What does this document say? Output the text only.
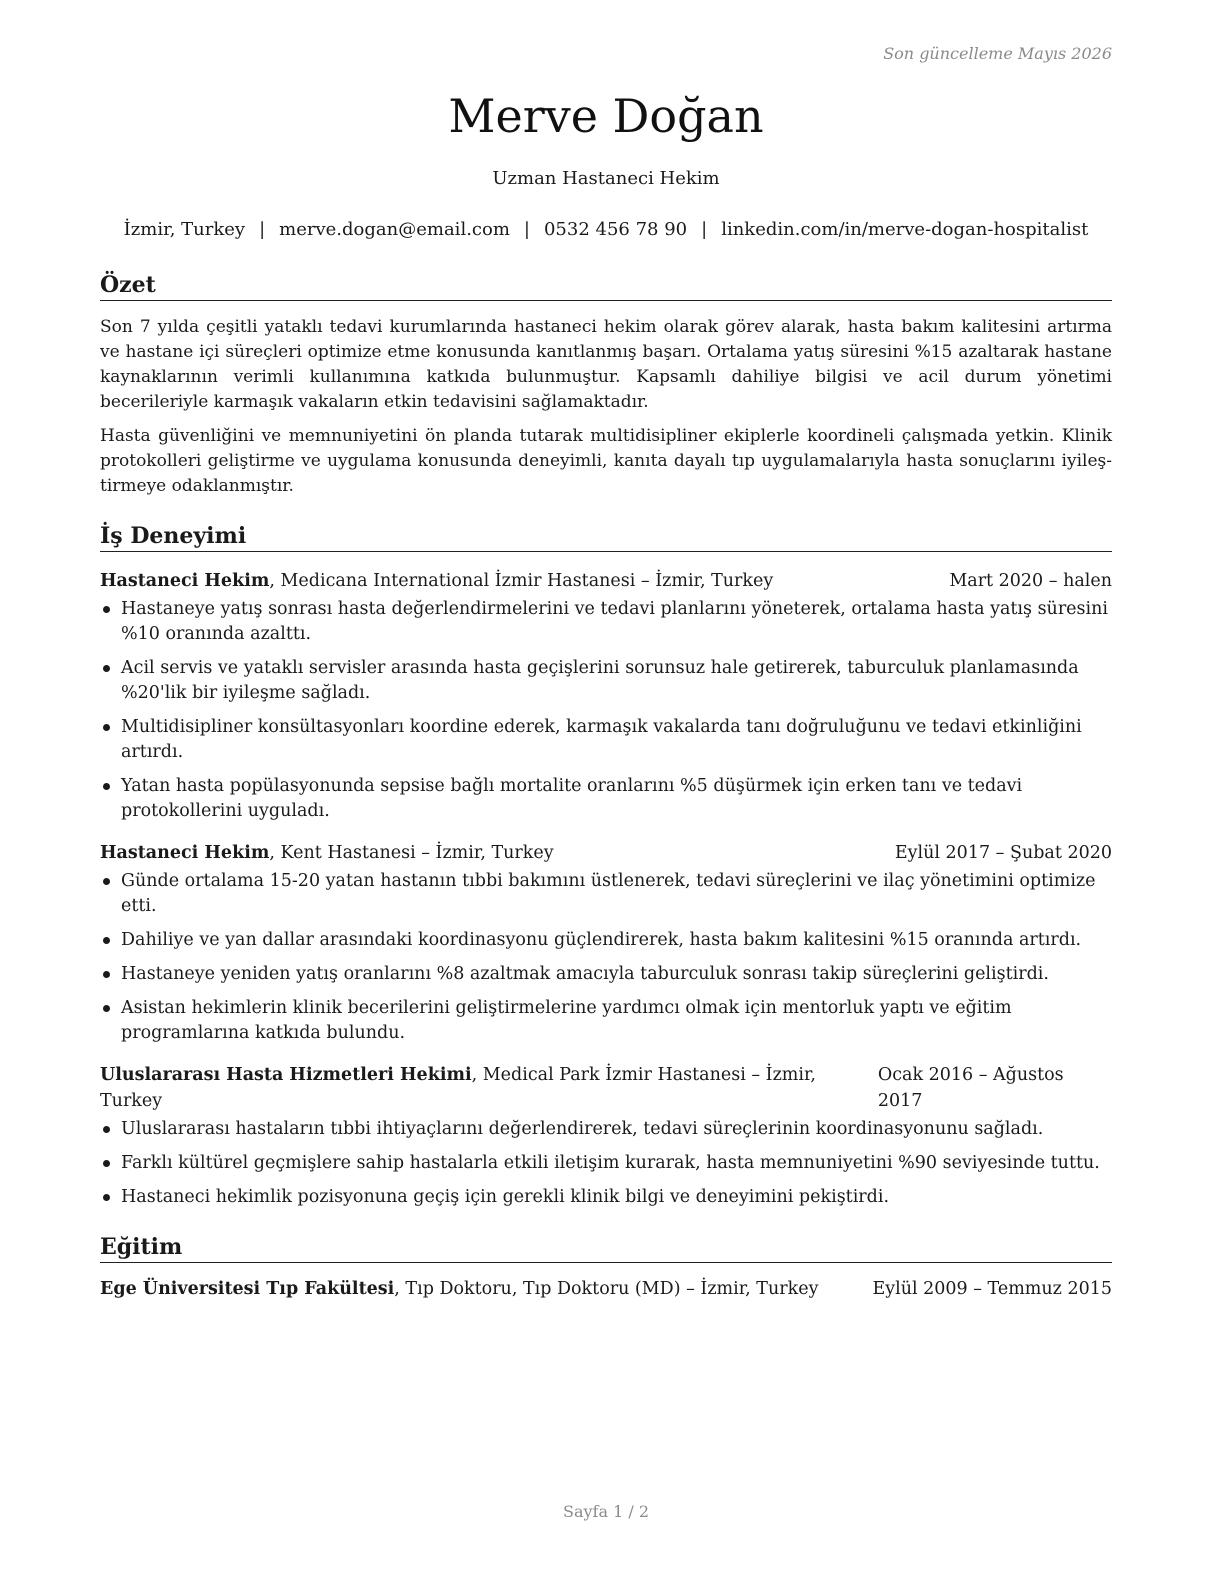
Son güncelleme Mayıs 2026
Merve Doğan
Uzman Hastaneci Hekim
İzmir, Turkey | merve.dogan@email.com | 0532 456 78 90 | linkedin.com/in/merve-dogan-hospitalist
Özet

Son 7 yılda çeşitli yataklı tedavi kurumlarında hastaneci hekim olarak görev alarak, hasta bakım kalitesini artırma ve hastane içi süreçleri optimize etme konusunda kanıtlanmış başarı. Ortalama yatış süresini %15 azaltarak hastane kaynaklarının verimli kullanımına katkıda bulunmuştur. Kapsamlı dahiliye bilgisi ve acil durum yönetimi becerileriyle karmaşık vakaların etkin tedavisini sağlamaktadır.

Hasta güvenliğini ve memnuniyetini ön planda tutarak multidisipliner ekiplerle koordineli çalışmada yetkin. Klinik protokolleri geliştirme ve uygulama konusunda deneyimli, kanıta dayalı tıp uygulamalarıyla hasta sonuçlarını iyileştirmeye odaklanmıştır.

İş Deneyimi
Hastaneci Hekim, Medicana International İzmir Hastanesi – İzmir, Turkey	Mart 2020 – halen
Hastaneye yatış sonrası hasta değerlendirmelerini ve tedavi planlarını yöneterek, ortalama hasta yatış süresini %10 oranında azalttı.
Acil servis ve yataklı servisler arasında hasta geçişlerini sorunsuz hale getirerek, taburculuk planlamasında %20'lik bir iyileşme sağladı.
Multidisipliner konsültasyonları koordine ederek, karmaşık vakalarda tanı doğruluğunu ve tedavi etkinliğini artırdı.
Yatan hasta popülasyonunda sepsise bağlı mortalite oranlarını %5 düşürmek için erken tanı ve tedavi protokollerini uyguladı.
Hastaneci Hekim, Kent Hastanesi – İzmir, Turkey	Eylül 2017 – Şubat 2020
Günde ortalama 15-20 yatan hastanın tıbbi bakımını üstlenerek, tedavi süreçlerini ve ilaç yönetimini optimize etti.
Dahiliye ve yan dallar arasındaki koordinasyonu güçlendirerek, hasta bakım kalitesini %15 oranında artırdı.
Hastaneye yeniden yatış oranlarını %8 azaltmak amacıyla taburculuk sonrası takip süreçlerini geliştirdi.
Asistan hekimlerin klinik becerilerini geliştirmelerine yardımcı olmak için mentorluk yaptı ve eğitim programlarına katkıda bulundu.
Uluslararası Hasta Hizmetleri Hekimi, Medical Park İzmir Hastanesi – İzmir, Turkey
Ocak 2016 – Ağustos 2017
Uluslararası hastaların tıbbi ihtiyaçlarını değerlendirerek, tedavi süreçlerinin koordinasyonunu sağladı.
Farklı kültürel geçmişlere sahip hastalarla etkili iletişim kurarak, hasta memnuniyetini %90 seviyesinde tuttu.
Hastaneci hekimlik pozisyonuna geçiş için gerekli klinik bilgi ve deneyimini pekiştirdi.
Eğitim
Ege Üniversitesi Tıp Fakültesi, Tıp Doktoru, Tıp Doktoru (MD) – İzmir, Turkey	Eylül 2009 – Temmuz 2015
Sayfa 1 / 2
